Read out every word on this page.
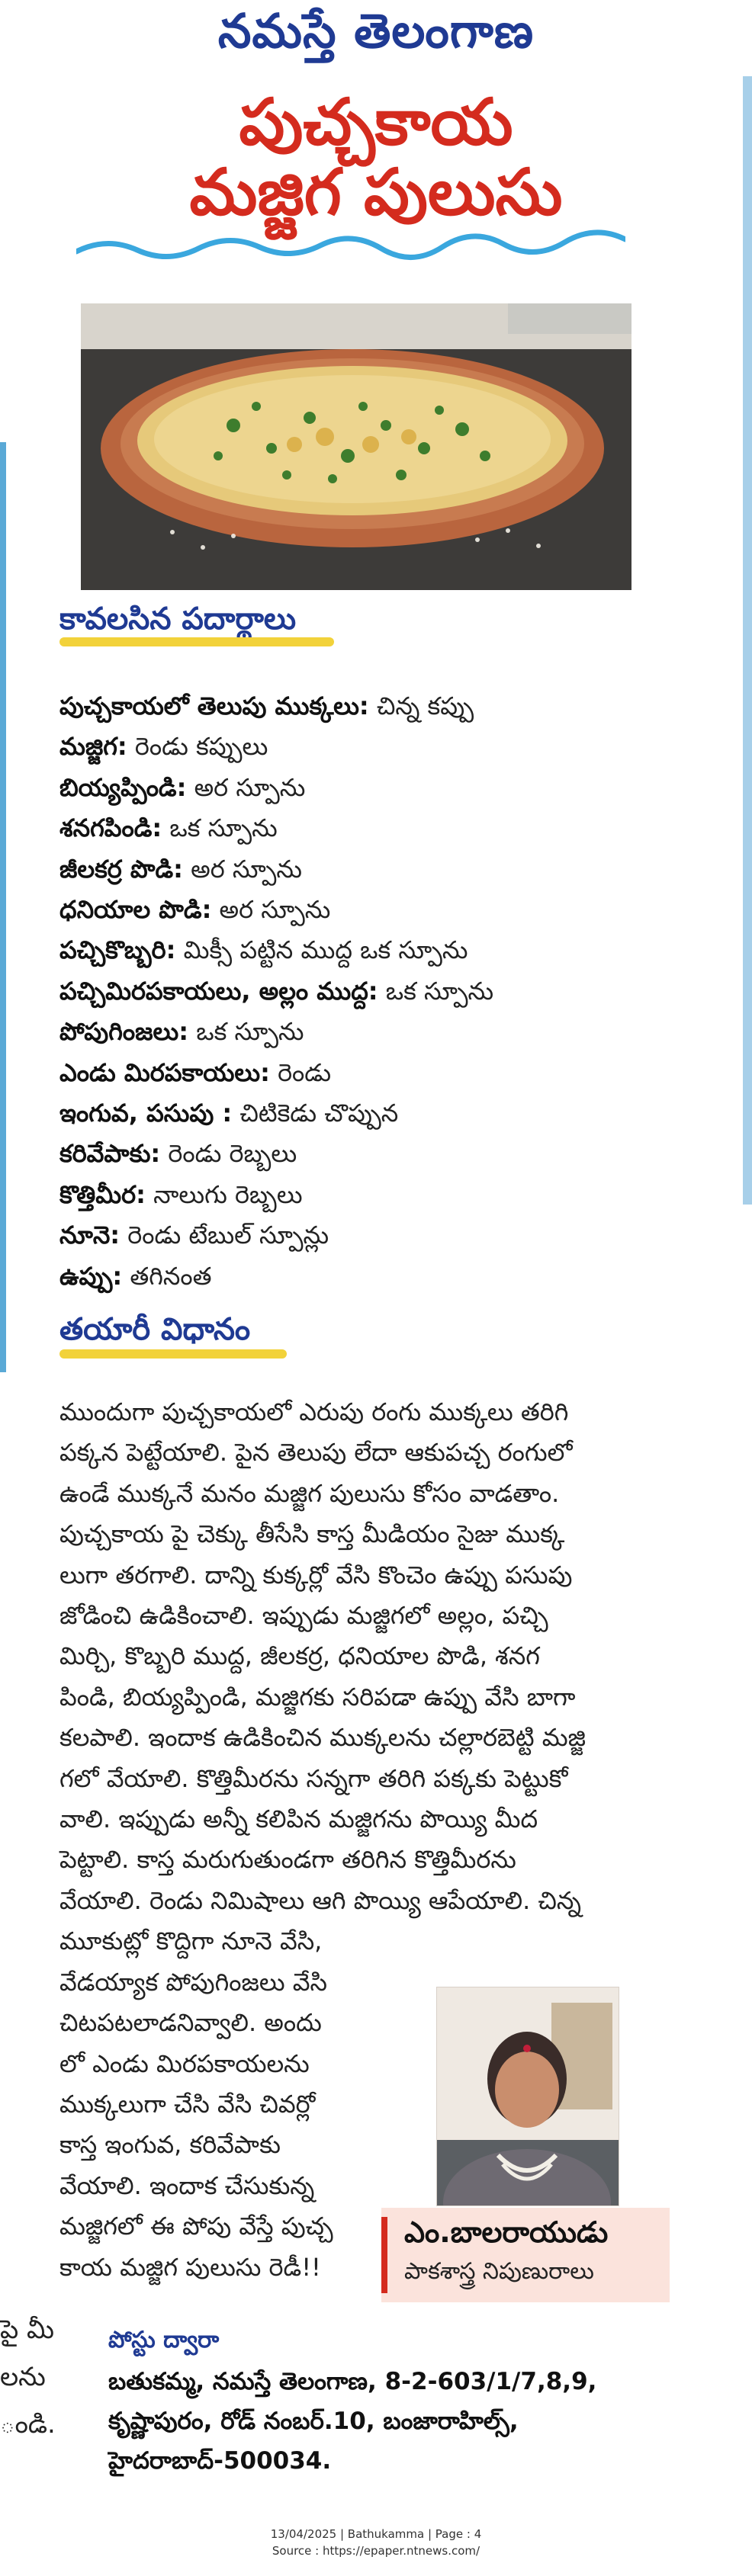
నమస్తే తెలంగాణ
పుచ్చకాయ
మజ్జిగ పులుసు
కావలసిన పదార్థాలు
పుచ్చకాయలో తెలుపు ముక్కలు: చిన్న కప్పు
మజ్జిగ: రెండు కప్పులు
బియ్యప్పిండి: అర స్పూను
శనగపిండి: ఒక స్పూను
జీలకర్ర పొడి: అర స్పూను
ధనియాల పొడి: అర స్పూను
పచ్చికొబ్బరి: మిక్సీ పట్టిన ముద్ద ఒక స్పూను
పచ్చిమిరపకాయలు, అల్లం ముద్ద: ఒక స్పూను
పోపుగింజలు: ఒక స్పూను
ఎండు మిరపకాయలు: రెండు
ఇంగువ, పసుపు : చిటికెడు చొప్పున
కరివేపాకు: రెండు రెబ్బలు
కొత్తిమీర: నాలుగు రెబ్బలు
నూనె: రెండు టేబుల్ స్పూన్లు
ఉప్పు: తగినంత
తయారీ విధానం
ముందుగా పుచ్చకాయలో ఎరుపు రంగు ముక్కలు తరిగి
పక్కన పెట్టేయాలి. పైన తెలుపు లేదా ఆకుపచ్చ రంగులో
ఉండే ముక్కనే మనం మజ్జిగ పులుసు కోసం వాడతాం.
పుచ్చకాయ పై చెక్కు తీసేసి కాస్త మీడియం సైజు ముక్క
లుగా తరగాలి. దాన్ని కుక్కర్లో వేసి కొంచెం ఉప్పు పసుపు
జోడించి ఉడికించాలి. ఇప్పుడు మజ్జిగలో అల్లం, పచ్చి
మిర్చి, కొబ్బరి ముద్ద, జీలకర్ర, ధనియాల పొడి, శనగ
పిండి, బియ్యప్పిండి, మజ్జిగకు సరిపడా ఉప్పు వేసి బాగా
కలపాలి. ఇందాక ఉడికించిన ముక్కలను చల్లారబెట్టి మజ్జి
గలో వేయాలి. కొత్తిమీరను సన్నగా తరిగి పక్కకు పెట్టుకో
వాలి. ఇప్పుడు అన్నీ కలిపిన మజ్జిగను పొయ్యి మీద
పెట్టాలి. కాస్త మరుగుతుండగా తరిగిన కొత్తిమీరను
వేయాలి. రెండు నిమిషాలు ఆగి పొయ్యి ఆపేయాలి. చిన్న
మూకుట్లో కొద్దిగా నూనె వేసి,
వేడయ్యాక పోపుగింజలు వేసి
చిటపటలాడనివ్వాలి. అందు
లో ఎండు మిరపకాయలను
ముక్కలుగా చేసి వేసి చివర్లో
కాస్త ఇంగువ, కరివేపాకు
వేయాలి. ఇందాక చేసుకున్న
మజ్జిగలో ఈ పోపు వేస్తే పుచ్చ
కాయ మజ్జిగ పులుసు రెడీ!!
ఎం.బాలరాయుడు
పాకశాస్త్ర నిపుణురాలు
పై మీ
లను
ండి.
పోస్టు ద్వారా
బతుకమ్మ, నమస్తే తెలంగాణ, 8-2-603/1/7,8,9,
కృష్ణాపురం, రోడ్ నంబర్.10, బంజారాహిల్స్,
హైదరాబాద్-500034.
13/04/2025 | Bathukamma | Page : 4
Source : https://epaper.ntnews.com/
